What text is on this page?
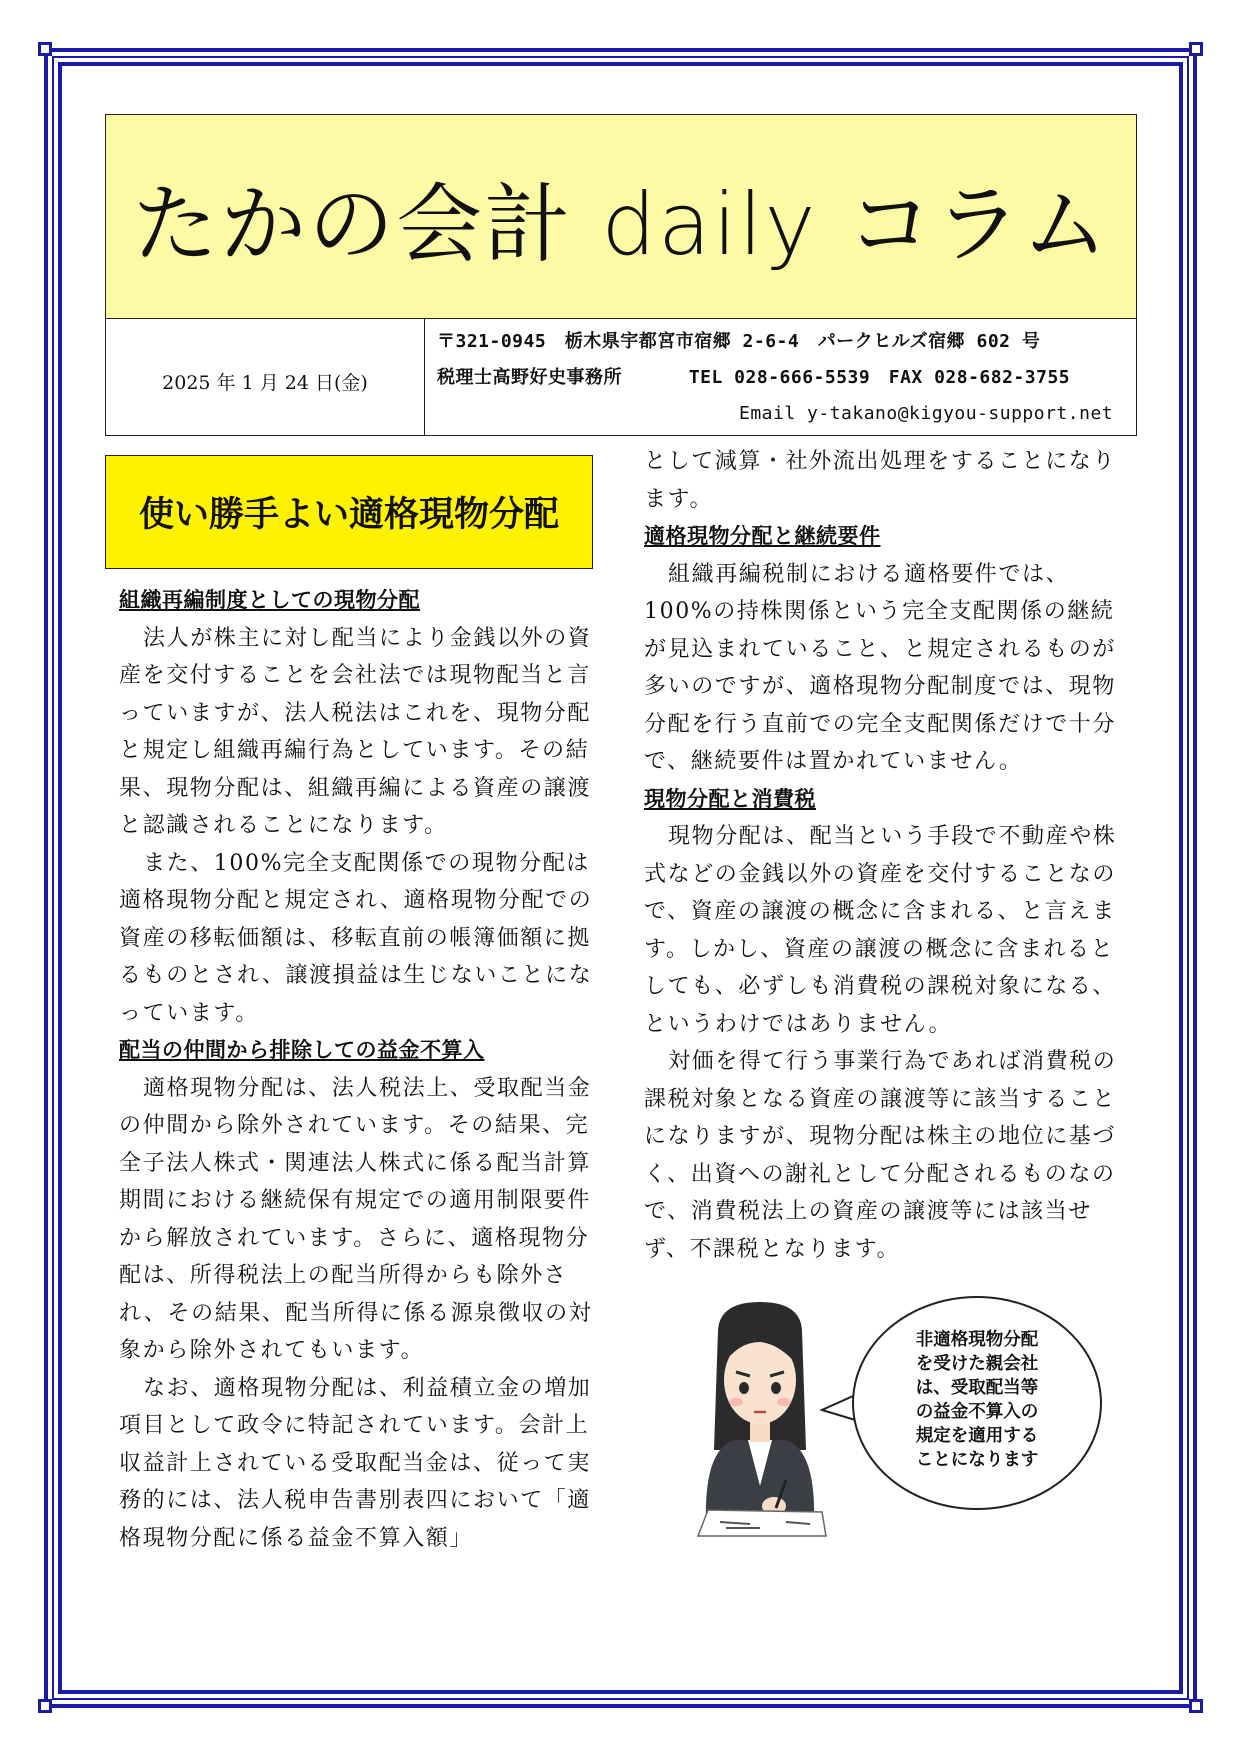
たかの会計 daily コラム
2025 年 1 月 24 日(金)
〒321-0945　栃木県宇都宮市宿郷 2-6-4　パークヒルズ宿郷 602 号
税理士高野好史事務所　　　 TEL 028-666-5539　FAX 028-682-3755
Email y-takano@kigyou-support.net
使い勝手よい適格現物分配
組織再編制度としての現物分配

法人が株主に対し配当により金銭以外の資産を交付することを会社法では現物配当と言っていますが、法人税法はこれを、現物分配と規定し組織再編行為としています。その結果、現物分配は、組織再編による資産の譲渡と認識されることになります。

また、100%完全支配関係での現物分配は適格現物分配と規定され、適格現物分配での資産の移転価額は、移転直前の帳簿価額に拠るものとされ、譲渡損益は生じないことになっています。

配当の仲間から排除しての益金不算入

適格現物分配は、法人税法上、受取配当金の仲間から除外されています。その結果、完全子法人株式・関連法人株式に係る配当計算期間における継続保有規定での適用制限要件から解放されています。さらに、適格現物分配は、所得税法上の配当所得からも除外され、その結果、配当所得に係る源泉徴収の対象から除外されてもいます。

なお、適格現物分配は、利益積立金の増加項目として政令に特記されています。会計上収益計上されている受取配当金は、従って実務的には、法人税申告書別表四において「適格現物分配に係る益金不算入額」

として減算・社外流出処理をすることになります。

適格現物分配と継続要件

組織再編税制における適格要件では、100%の持株関係という完全支配関係の継続が見込まれていること、と規定されるものが多いのですが、適格現物分配制度では、現物分配を行う直前での完全支配関係だけで十分で、継続要件は置かれていません。

現物分配と消費税

現物分配は、配当という手段で不動産や株式などの金銭以外の資産を交付することなので、資産の譲渡の概念に含まれる、と言えます。しかし、資産の譲渡の概念に含まれるとしても、必ずしも消費税の課税対象になる、というわけではありません。

対価を得て行う事業行為であれば消費税の課税対象となる資産の譲渡等に該当することになりますが、現物分配は株主の地位に基づく、出資への謝礼として分配されるものなので、消費税法上の資産の譲渡等には該当せず、不課税となります。

非適格現物分配
を受けた親会社
は、受取配当等
の益金不算入の
規定を適用する
ことになります
